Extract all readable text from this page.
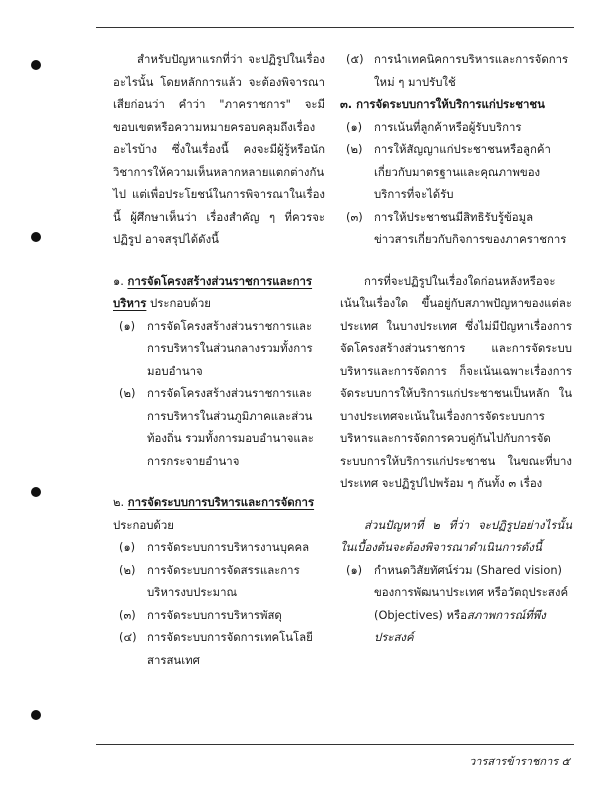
สำหรับปัญหาแรกที่ว่า จะปฏิรูปในเรื่องอะไรนั้น โดยหลักการแล้ว จะต้องพิจารณาเสียก่อนว่า คำว่า "ภาคราชการ" จะมีขอบเขตหรือความหมายครอบคลุมถึงเรื่องอะไรบ้าง ซึ่งในเรื่องนี้ คงจะมีผู้รู้หรือนักวิชาการให้ความเห็นหลากหลายแตกต่างกันไป แต่เพื่อประโยชน์ในการพิจารณาในเรื่องนี้ ผู้ศึกษาเห็นว่า เรื่องสำคัญ ๆ ที่ควรจะปฏิรูป อาจสรุปได้ดังนี้
๑. การจัดโครงสร้างส่วนราชการและการบริหาร ประกอบด้วย
(๑)	การจัดโครงสร้างส่วนราชการและการบริหารในส่วนกลางรวมทั้งการมอบอำนาจ
(๒)	การจัดโครงสร้างส่วนราชการและการบริหารในส่วนภูมิภาคและส่วนท้องถิ่น รวมทั้งการมอบอำนาจและการกระจายอำนาจ
๒. การจัดระบบการบริหารและการจัดการ
ประกอบด้วย
(๑)	การจัดระบบการบริหารงานบุคคล
(๒)	การจัดระบบการจัดสรรและการบริหารงบประมาณ
(๓) การจัดระบบการบริหารพัสดุ
(๔) การจัดระบบการจัดการเทคโนโลยีสารสนเทศ
(๕) การนำเทคนิคการบริหารและการจัดการใหม่ ๆ มาปรับใช้
๓. การจัดระบบการให้บริการแก่ประชาชน
(๑)	การเน้นที่ลูกค้าหรือผู้รับบริการ
(๒)	การให้สัญญาแก่ประชาชนหรือลูกค้าเกี่ยวกับมาตรฐานและคุณภาพของบริการที่จะได้รับ
(๓) การให้ประชาชนมีสิทธิรับรู้ข้อมูลข่าวสารเกี่ยวกับกิจการของภาคราชการ
การที่จะปฏิรูปในเรื่องใดก่อนหลังหรือจะเน้นในเรื่องใด ขึ้นอยู่กับสภาพปัญหาของแต่ละประเทศ ในบางประเทศ ซึ่งไม่มีปัญหาเรื่องการจัดโครงสร้างส่วนราชการ และการจัดระบบบริหารและการจัดการ ก็จะเน้นเฉพาะเรื่องการจัดระบบการให้บริการแก่ประชาชนเป็นหลัก ในบางประเทศจะเน้นในเรื่องการจัดระบบการบริหารและการจัดการควบคู่กันไปกับการจัดระบบการให้บริการแก่ประชาชน ในขณะที่บางประเทศ จะปฏิรูปไปพร้อม ๆ กันทั้ง ๓ เรื่อง
ส่วนปัญหาที่ ๒ ที่ว่า จะปฏิรูปอย่างไรนั้น ในเบื้องต้นจะต้องพิจารณาดำเนินการดังนี้
(๑)	กำหนดวิสัยทัศน์ร่วม (Shared vision) ของการพัฒนาประเทศ หรือวัตถุประสงค์ (Objectives) หรือสภาพการณ์ที่พึงประสงค์
วารสารข้าราชการ ๕
